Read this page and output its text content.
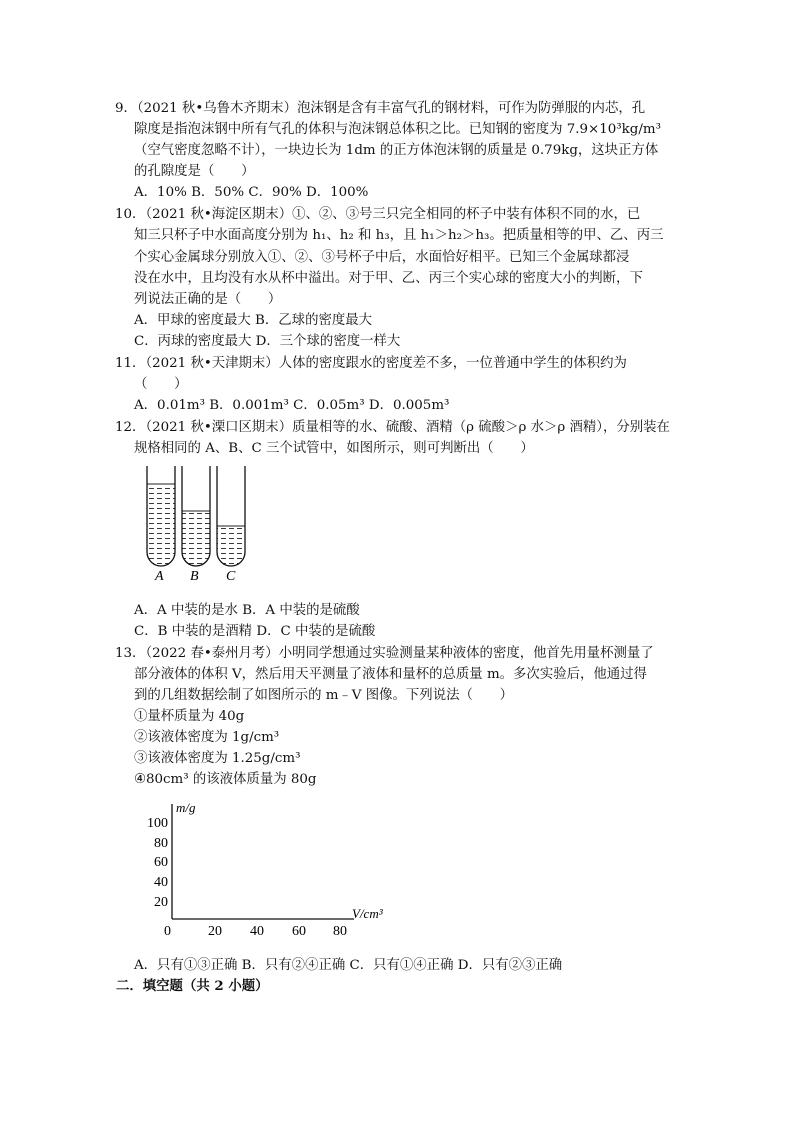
9．（2021 秋•乌鲁木齐期末）泡沫钢是含有丰富气孔的钢材料，可作为防弹服的内芯，孔
隙度是指泡沫钢中所有气孔的体积与泡沫钢总体积之比。已知钢的密度为 7.9×10³kg/m³
（空气密度忽略不计），一块边长为 1dm 的正方体泡沫钢的质量是 0.79kg，这块正方体
的孔隙度是（　　）
A．10% B．50% C．90% D．100%
10．（2021 秋•海淀区期末）①、②、③号三只完全相同的杯子中装有体积不同的水，已
知三只杯子中水面高度分别为 h₁、h₂ 和 h₃，且 h₁＞h₂＞h₃。把质量相等的甲、乙、丙三
个实心金属球分别放入①、②、③号杯子中后，水面恰好相平。已知三个金属球都浸
没在水中，且均没有水从杯中溢出。对于甲、乙、丙三个实心球的密度大小的判断，下
列说法正确的是（　　）
A．甲球的密度最大 B．乙球的密度最大
C．丙球的密度最大 D．三个球的密度一样大
11．（2021 秋•天津期末）人体的密度跟水的密度差不多，一位普通中学生的体积约为
（　　）
A．0.01m³ B．0.001m³ C．0.05m³ D．0.005m³
12．（2021 秋•溧口区期末）质量相等的水、硫酸、酒精（ρ 硫酸＞ρ 水＞ρ 酒精），分别装在
规格相同的 A、B、C 三个试管中，如图所示，则可判断出（　　）
A B C
A．A 中装的是水 B．A 中装的是硫酸
C．B 中装的是酒精 D．C 中装的是硫酸
13．（2022 春•泰州月考）小明同学想通过实验测量某种液体的密度，他首先用量杯测量了
部分液体的体积 V，然后用天平测量了液体和量杯的总质量 m。多次实验后，他通过得
到的几组数据绘制了如图所示的 m﹣V 图像。下列说法（　　）
①量杯质量为 40g
②该液体密度为 1g/cm³
③该液体密度为 1.25g/cm³
④80cm³ 的该液体质量为 80g
m/g
V/cm³
0
20
40
60
80
100
20 40 60 80
A．只有①③正确 B．只有②④正确 C．只有①④正确 D．只有②③正确
二．填空题（共 2 小题）
